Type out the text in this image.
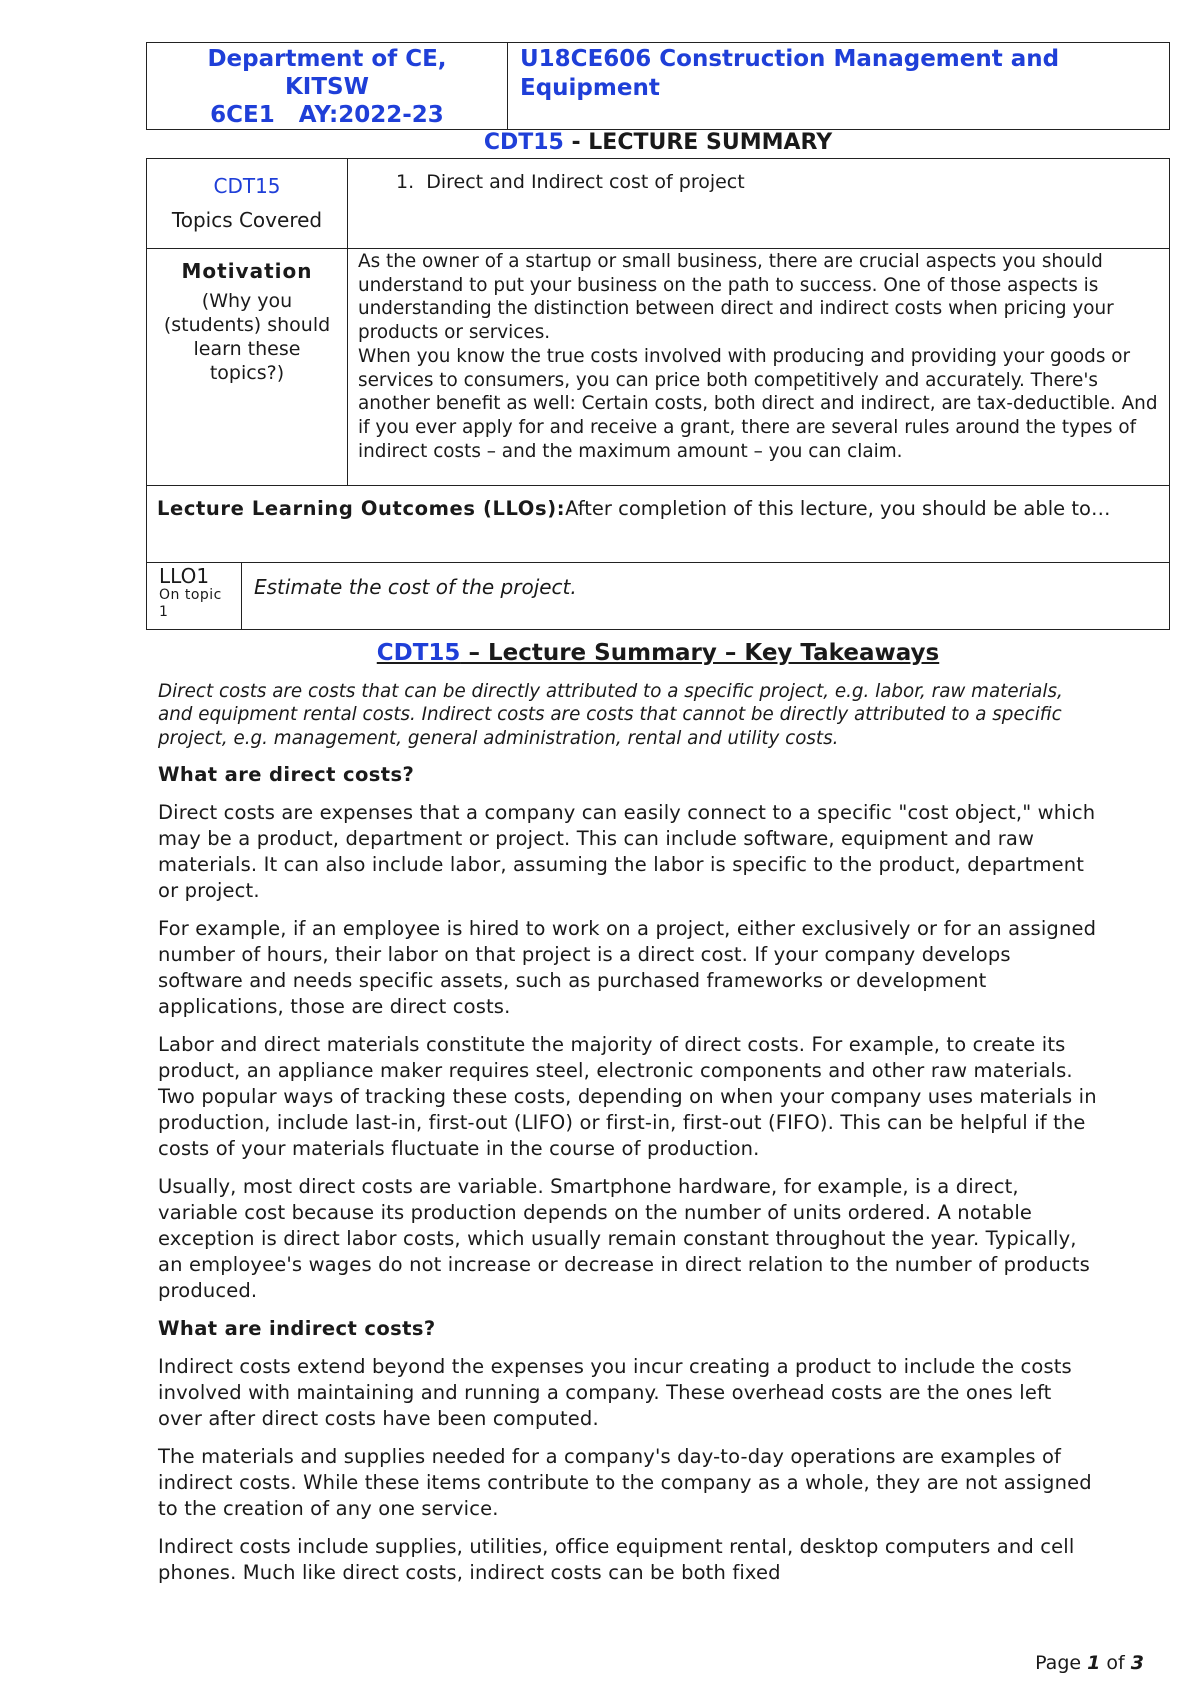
Department of CE,
KITSW
6CE1   AY:2022-23
U18CE606 Construction Management and
Equipment
CDT15 - LECTURE SUMMARY
CDT15
Topics Covered
1. Direct and Indirect cost of project
Motivation
(Why you
(students) should
learn these
topics?)
As the owner of a startup or small business, there are crucial aspects you should understand to put your business on the path to success. One of those aspects is understanding the distinction between direct and indirect costs when pricing your products or services.
When you know the true costs involved with producing and providing your goods or services to consumers, you can price both competitively and accurately. There's another benefit as well: Certain costs, both direct and indirect, are tax-deductible. And if you ever apply for and receive a grant, there are several rules around the types of indirect costs – and the maximum amount – you can claim.
Lecture Learning Outcomes (LLOs):After completion of this lecture, you should be able to…
LLO1
On topic
1
Estimate the cost of the project.
CDT15 – Lecture Summary – Key Takeaways

Direct costs are costs that can be directly attributed to a specific project, e.g. labor, raw materials, and equipment rental costs. Indirect costs are costs that cannot be directly attributed to a specific project, e.g. management, general administration, rental and utility costs.

What are direct costs?

Direct costs are expenses that a company can easily connect to a specific "cost object," which may be a product, department or project. This can include software, equipment and raw materials. It can also include labor, assuming the labor is specific to the product, department or project.

For example, if an employee is hired to work on a project, either exclusively or for an assigned number of hours, their labor on that project is a direct cost. If your company develops software and needs specific assets, such as purchased frameworks or development applications, those are direct costs.

Labor and direct materials constitute the majority of direct costs. For example, to create its product, an appliance maker requires steel, electronic components and other raw materials. Two popular ways of tracking these costs, depending on when your company uses materials in production, include last-in, first-out (LIFO) or first-in, first-out (FIFO). This can be helpful if the costs of your materials fluctuate in the course of production.

Usually, most direct costs are variable. Smartphone hardware, for example, is a direct, variable cost because its production depends on the number of units ordered. A notable exception is direct labor costs, which usually remain constant throughout the year. Typically, an employee's wages do not increase or decrease in direct relation to the number of products produced.

What are indirect costs?

Indirect costs extend beyond the expenses you incur creating a product to include the costs involved with maintaining and running a company. These overhead costs are the ones left over after direct costs have been computed.

The materials and supplies needed for a company's day-to-day operations are examples of indirect costs. While these items contribute to the company as a whole, they are not assigned to the creation of any one service.

Indirect costs include supplies, utilities, office equipment rental, desktop computers and cell phones. Much like direct costs, indirect costs can be both fixed

Page 1 of 3
